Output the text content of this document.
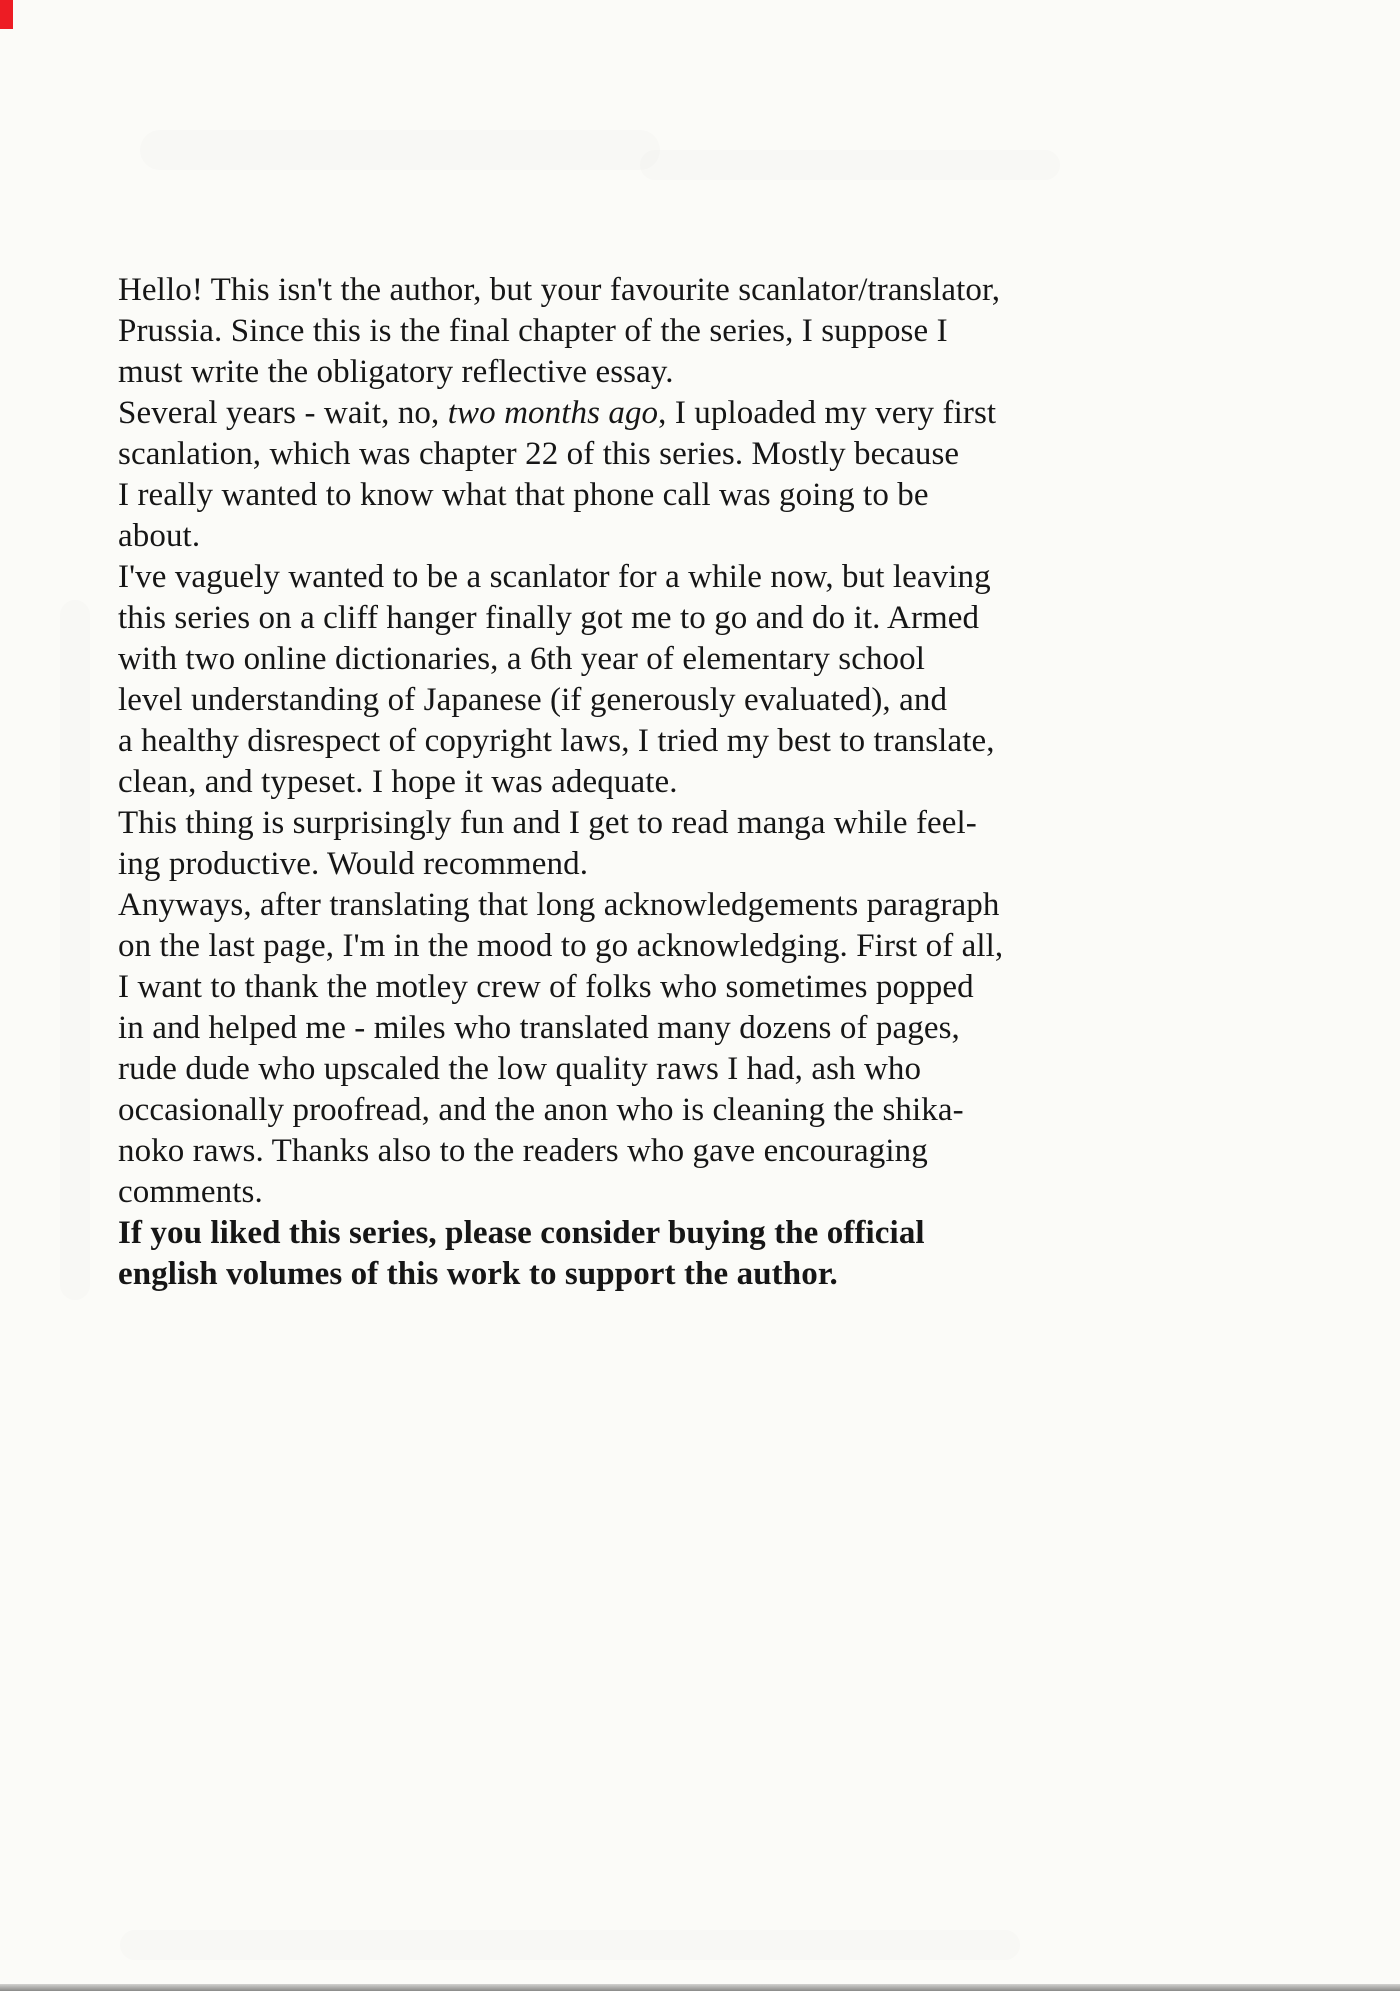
Hello! This isn't the author, but your favourite scanlator/translator,
Prussia. Since this is the final chapter of the series, I suppose I
must write the obligatory reflective essay.
Several years - wait, no, two months ago, I uploaded my very first
scanlation, which was chapter 22 of this series. Mostly because
I really wanted to know what that phone call was going to be
about.
I've vaguely wanted to be a scanlator for a while now, but leaving
this series on a cliff hanger finally got me to go and do it. Armed
with two online dictionaries, a 6th year of elementary school
level understanding of Japanese (if generously evaluated), and
a healthy disrespect of copyright laws, I tried my best to translate,
clean, and typeset. I hope it was adequate.
This thing is surprisingly fun and I get to read manga while feel-
ing productive. Would recommend.
Anyways, after translating that long acknowledgements paragraph
on the last page, I'm in the mood to go acknowledging. First of all,
I want to thank the motley crew of folks who sometimes popped
in and helped me - miles who translated many dozens of pages,
rude dude who upscaled the low quality raws I had, ash who
occasionally proofread, and the anon who is cleaning the shika-
noko raws. Thanks also to the readers who gave encouraging
comments.
If you liked this series, please consider buying the official
english volumes of this work to support the author.
